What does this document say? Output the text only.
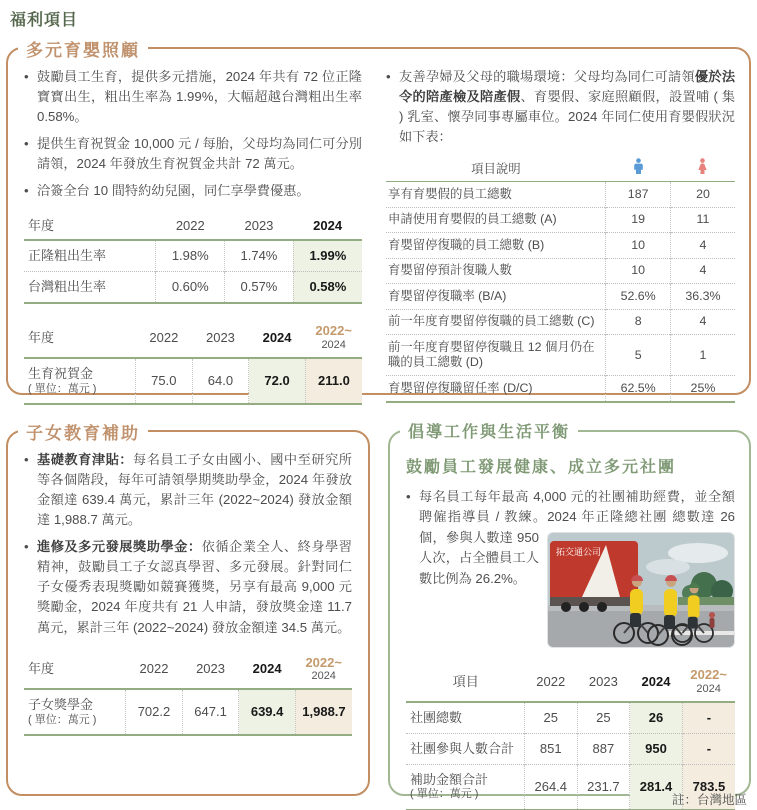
福利項目
多元育嬰照顧
• 鼓勵員工生育，提供多元措施，2024 年共有 72 位正隆寶寶出生，粗出生率為 1.99%，大幅超越台灣粗出生率 0.58%。
• 提供生育祝賀金 10,000 元 / 每胎，父母均為同仁可分別請領，2024 年發放生育祝賀金共計 72 萬元。
• 洽簽全台 10 間特約幼兒園，同仁享學費優惠。
年度	2022	2023	2024
正隆粗出生率	1.98%	1.74%	1.99%
台灣粗出生率	0.60%	0.57%	0.58%
年度	2022	2023	2024	2022~
2024

生育祝賀金
( 單位：萬元 )	75.0	64.0	72.0	211.0
• 友善孕婦及父母的職場環境：父母均為同仁可請領優於法令的陪產檢及陪產假、育嬰假、家庭照顧假，設置哺 ( 集 ) 乳室、懷孕同事專屬車位。2024 年同仁使用育嬰假狀況如下表：
項目說明		
享有育嬰假的員工總數	187	20
申請使用育嬰假的員工總數 (A)	19	11
育嬰留停復職的員工總數 (B)	10	4
育嬰留停預計復職人數	10	4
育嬰留停復職率 (B/A)	52.6%	36.3%
前一年度育嬰留停復職的員工總數 (C)	8	4
前一年度育嬰留停復職且 12 個月仍在職的員工總數 (D)	5	1
育嬰留停復職留任率 (D/C)	62.5%	25%
子女教育補助
• 基礎教育津貼：每名員工子女由國小、國中至研究所等各個階段，每年可請領學期獎助學金，2024 年發放金額達 639.4 萬元，累計三年 (2022~2024) 發放金額達 1,988.7 萬元。
• 進修及多元發展獎助學金：依循企業全人、終身學習精神，鼓勵員工子女認真學習、多元發展。針對同仁子女優秀表現獎勵如競賽獲獎，另享有最高 9,000 元獎勵金，2024 年度共有 21 人申請，發放獎金達 11.7 萬元，累計三年 (2022~2024) 發放金額達 34.5 萬元。
年度	2022	2023	2024	2022~
2024

子女獎學金
( 單位：萬元 )	702.2	647.1	639.4	1,988.7
倡導工作與生活平衡
鼓勵員工發展健康、成立多元社團
• 每名員工每年最高 4,000 元的社團補助經費，並全額聘僱指導員 / 教練。2024 年正隆總社團
拓交通公司
總數達 26 個，參與人數達 950 人次，占全體員工人數比例為 26.2%。
項目	2022	2023	2024	2022~
2024

社團總數	25	25	26	-
社團參與人數合計	851	887	950	-

補助金額合計
( 單位：萬元 )	264.4	231.7	281.4	783.5
註：台灣地區
